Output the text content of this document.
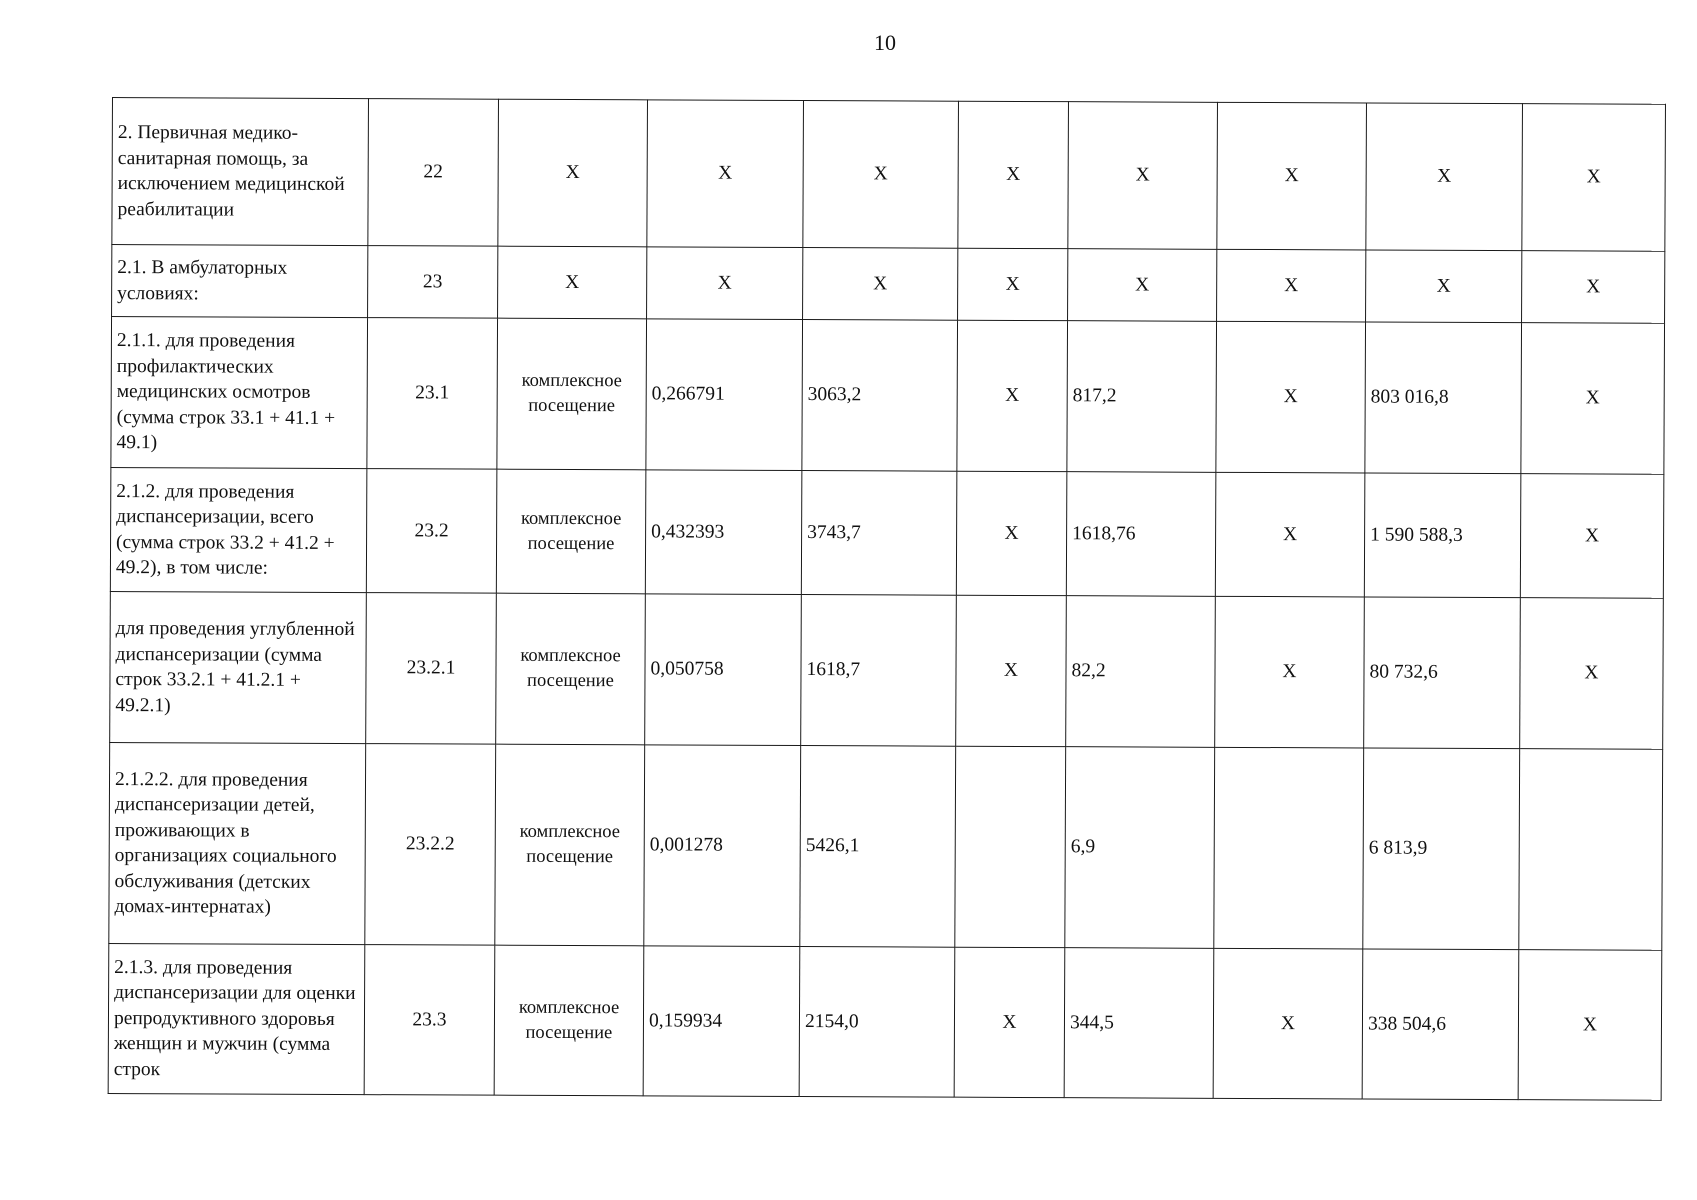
10
2. Первичная медико-санитарная помощь, за исключением медицинской реабилитации	22	Х	Х	Х	Х	Х	Х	Х	Х
2.1. В амбулаторных условиях:	23	Х	Х	Х	Х	Х	Х	Х	Х
2.1.1. для проведения профилактических медицинских осмотров (сумма строк 33.1 + 41.1 + 49.1)	23.1	комплексное посещение	0,266791	3063,2	Х	817,2	Х	803 016,8	Х
2.1.2. для проведения диспансеризации, всего (сумма строк 33.2 + 41.2 + 49.2), в том числе:	23.2	комплексное посещение	0,432393	3743,7	Х	1618,76	Х	1 590 588,3	Х
для проведения углубленной диспансеризации (сумма строк 33.2.1 + 41.2.1 + 49.2.1)	23.2.1	комплексное посещение	0,050758	1618,7	Х	82,2	Х	80 732,6	Х
2.1.2.2. для проведения диспансеризации детей, проживающих в организациях социального обслуживания (детских домах-интернатах)	23.2.2	комплексное посещение	0,001278	5426,1		6,9		6 813,9	
2.1.3. для проведения диспансеризации для оценки репродуктивного здоровья женщин и мужчин (сумма строк	23.3	комплексное посещение	0,159934	2154,0	Х	344,5	Х	338 504,6	Х
